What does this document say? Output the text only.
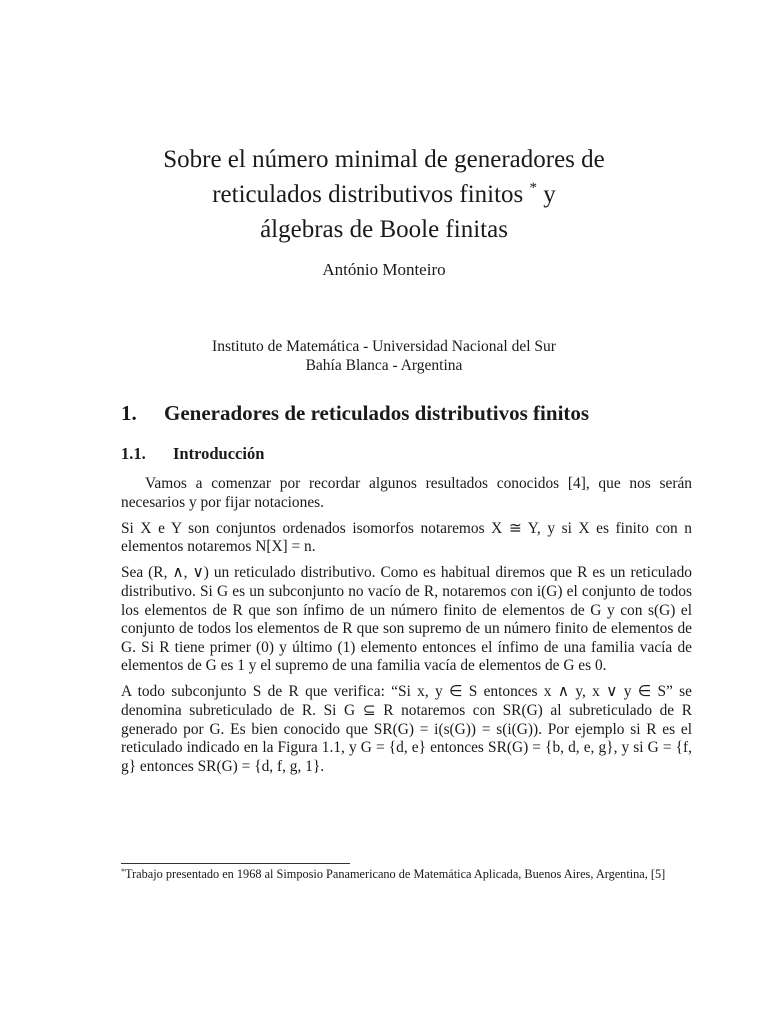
Sobre el número minimal de generadores de
reticulados distributivos finitos * y
álgebras de Boole finitas
António Monteiro
Instituto de Matemática - Universidad Nacional del Sur
Bahía Blanca - Argentina
1. Generadores de reticulados distributivos finitos
1.1. Introducción

Vamos a comenzar por recordar algunos resultados conocidos [4], que nos serán necesarios y por fijar notaciones.

Si X e Y son conjuntos ordenados isomorfos notaremos X ≅ Y, y si X es finito con n elementos notaremos N[X] = n.

Sea (R, ∧, ∨) un reticulado distributivo. Como es habitual diremos que R es un reticulado distributivo. Si G es un subconjunto no vacío de R, notaremos con i(G) el conjunto de todos los elementos de R que son ínfimo de un número finito de elementos de G y con s(G) el conjunto de todos los elementos de R que son supremo de un número finito de elementos de G. Si R tiene primer (0) y último (1) elemento entonces el ínfimo de una familia vacía de elementos de G es 1 y el supremo de una familia vacía de elementos de G es 0.

A todo subconjunto S de R que verifica: “Si x, y ∈ S entonces x ∧ y, x ∨ y ∈ S” se denomina subreticulado de R. Si G ⊆ R notaremos con SR(G) al subreticulado de R generado por G. Es bien conocido que SR(G) = i(s(G)) = s(i(G)). Por ejemplo si R es el reticulado indicado en la Figura 1.1, y G = {d, e} entonces SR(G) = {b, d, e, g}, y si G = {f, g} entonces SR(G) = {d, f, g, 1}.

*Trabajo presentado en 1968 al Simposio Panamericano de Matemática Aplicada, Buenos Aires, Argentina, [5]
